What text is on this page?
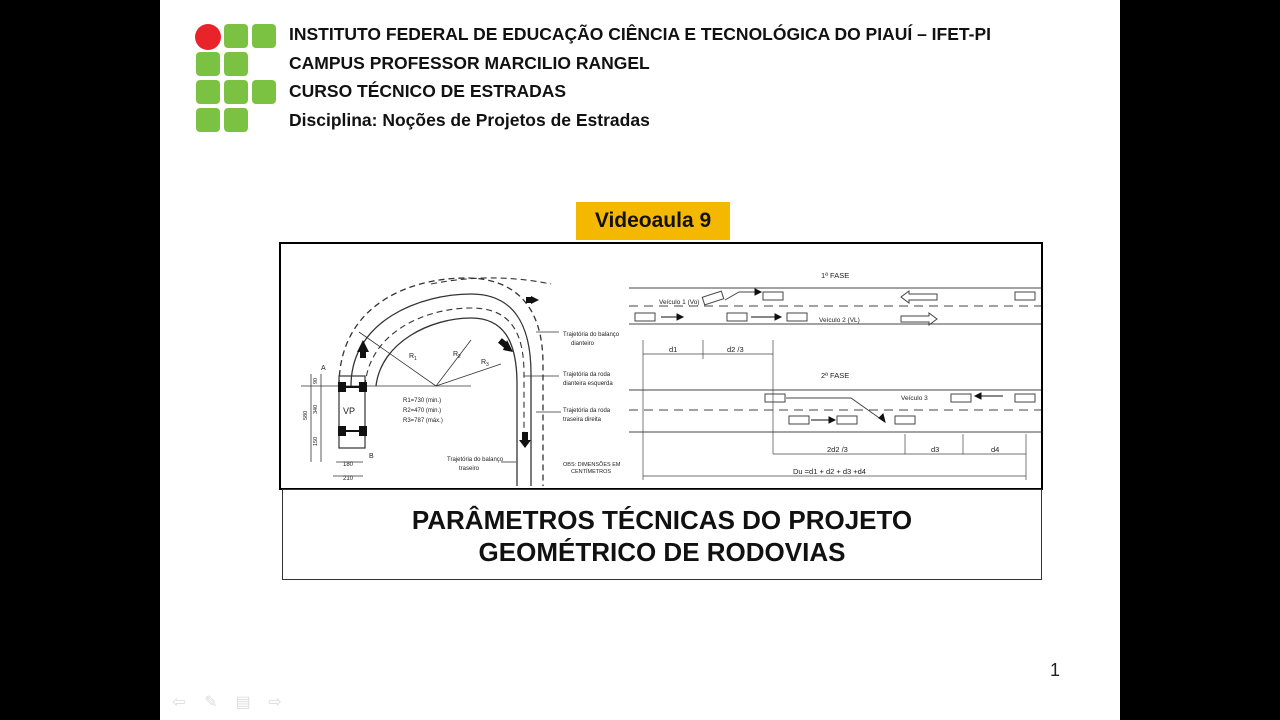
INSTITUTO FEDERAL DE EDUCAÇÃO CIÊNCIA E TECNOLÓGICA DO PIAUÍ – IFET-PI
CAMPUS PROFESSOR MARCILIO RANGEL
CURSO TÉCNICO DE ESTRADAS
Disciplina: Noções de Projetos de Estradas
Videoaula 9
A
B
VP
R 1
R 2
R 3
R1=730 (min.)
R2=470 (min.)
R3=787 (máx.)
Trajetória do balanço
dianteiro
Trajetória da roda
dianteira esquerda
Trajetória da roda
traseira direita
Trajetória do balanço
traseiro
OBS: DIMENSÕES EM
CENTÍMETROS
90
340
150
580
180
210
1ª FASE
2ª FASE
Veículo 1 (Vo)
Veículo 2 (VL)
Veículo 3
d1	d2 /3
2d2 /3	d3	d4
Du =d1 + d2 + d3 +d4
PARÂMETROS TÉCNICAS DO PROJETO
GEOMÉTRICO DE RODOVIAS
1
⇦ ✎ ▤ ⇨
